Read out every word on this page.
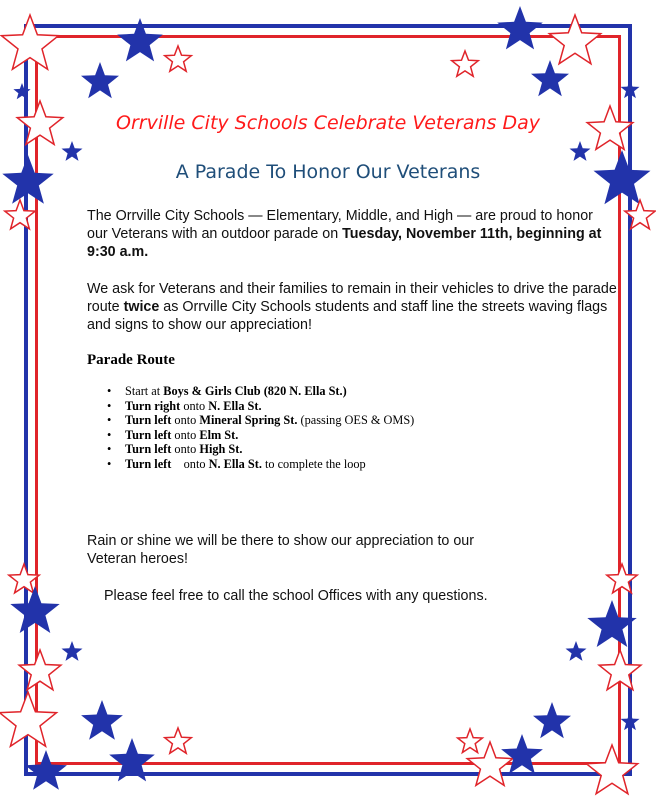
Orrville City Schools Celebrate Veterans Day
A Parade To Honor Our Veterans
The Orrville City Schools — Elementary, Middle, and High — are proud to honor our Veterans with an outdoor parade on Tuesday, November 11th, beginning at 9:30 a.m.
We ask for Veterans and their families to remain in their vehicles to drive the parade route twice as Orrville City Schools students and staff line the streets waving flags and signs to show our appreciation!
Parade Route
• Start at Boys & Girls Club (820 N. Ella St.)
• Turn right onto N. Ella St.
• Turn left onto Mineral Spring St. (passing OES & OMS)
• Turn left onto Elm St.
• Turn left onto High St.
• Turn left    onto N. Ella St. to complete the loop
Rain or shine we will be there to show our appreciation to our Veteran heroes!
Please feel free to call the school Offices with any questions.
